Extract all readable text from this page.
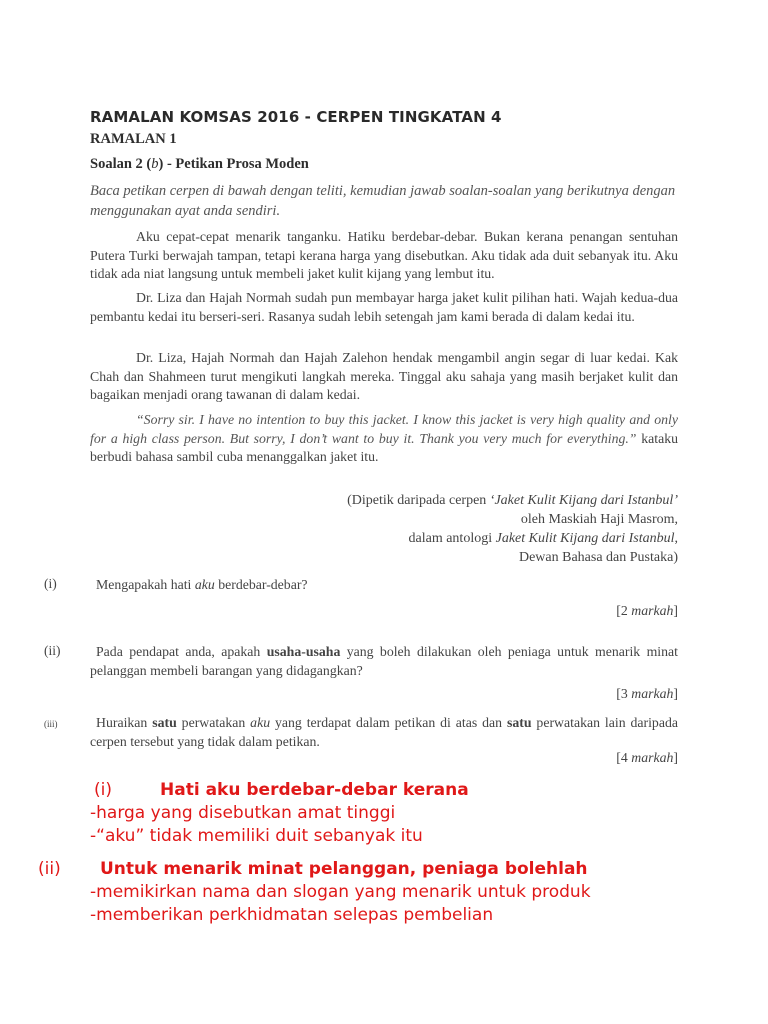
RAMALAN KOMSAS 2016 - CERPEN TINGKATAN 4
RAMALAN 1
Soalan 2 (b) - Petikan Prosa Moden
Baca petikan cerpen di bawah dengan teliti, kemudian jawab soalan-soalan yang berikutnya dengan menggunakan ayat anda sendiri.
Aku cepat-cepat menarik tanganku. Hatiku berdebar-debar. Bukan kerana penangan sentuhan Putera Turki berwajah tampan, tetapi kerana harga yang disebutkan. Aku tidak ada duit sebanyak itu. Aku tidak ada niat langsung untuk membeli jaket kulit kijang yang lembut itu.
Dr. Liza dan Hajah Normah sudah pun membayar harga jaket kulit pilihan hati. Wajah kedua-dua pembantu kedai itu berseri-seri. Rasanya sudah lebih setengah jam kami berada di dalam kedai itu.
Dr. Liza, Hajah Normah dan Hajah Zalehon hendak mengambil angin segar di luar kedai. Kak Chah dan Shahmeen turut mengikuti langkah mereka. Tinggal aku sahaja yang masih berjaket kulit dan bagaikan menjadi orang tawanan di dalam kedai.
“Sorry sir. I have no intention to buy this jacket. I know this jacket is very high quality and only for a high class person. But sorry, I don’t want to buy it. Thank you very much for everything.” kataku berbudi bahasa sambil cuba menanggalkan jaket itu.
(Dipetik daripada cerpen ‘Jaket Kulit Kijang dari Istanbul’
oleh Maskiah Haji Masrom,
dalam antologi Jaket Kulit Kijang dari Istanbul,
Dewan Bahasa dan Pustaka)
(i)	Mengapakah hati aku berdebar-debar?
[2 markah]
(ii)	Pada pendapat anda, apakah usaha-usaha yang boleh dilakukan oleh peniaga untuk menarik minat pelanggan membeli barangan yang didagangkan?
[3 markah]
(iii)	Huraikan satu perwatakan aku yang terdapat dalam petikan di atas dan satu perwatakan lain daripada cerpen tersebut yang tidak dalam petikan.
[4 markah]
(i)	Hati aku berdebar-debar kerana
-harga yang disebutkan amat tinggi
-“aku” tidak memiliki duit sebanyak itu
(ii) Untuk menarik minat pelanggan, peniaga bolehlah
-memikirkan nama dan slogan yang menarik untuk produk
-memberikan perkhidmatan selepas pembelian
